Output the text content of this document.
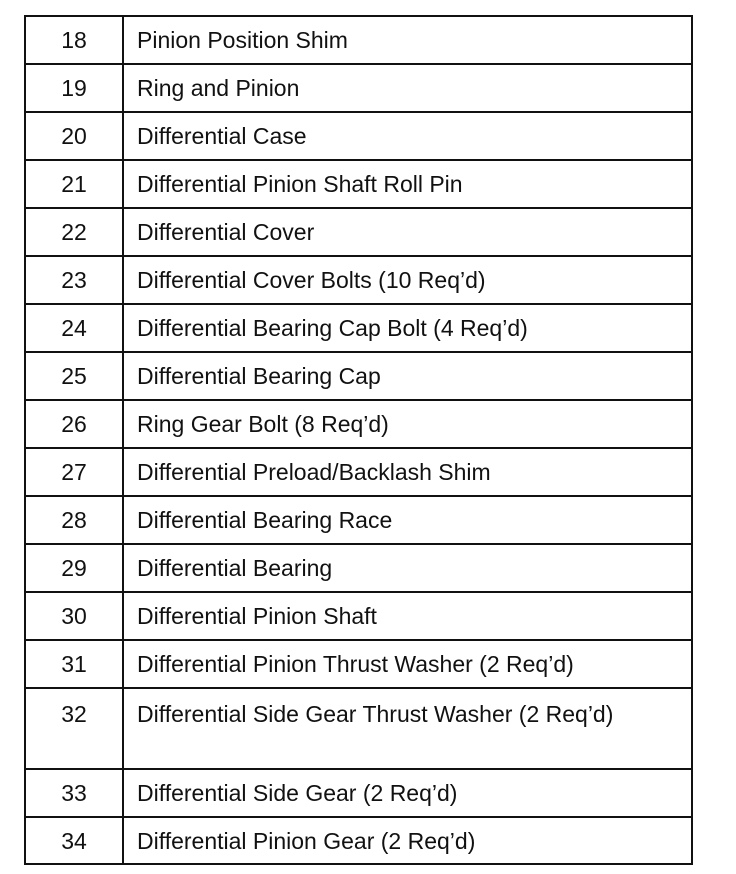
18	Pinion Position Shim
19	Ring and Pinion
20	Differential Case
21	Differential Pinion Shaft Roll Pin
22	Differential Cover
23	Differential Cover Bolts (10 Req’d)
24	Differential Bearing Cap Bolt (4 Req’d)
25	Differential Bearing Cap
26	Ring Gear Bolt (8 Req’d)
27	Differential Preload/Backlash Shim
28	Differential Bearing Race
29	Differential Bearing
30	Differential Pinion Shaft
31	Differential Pinion Thrust Washer (2 Req’d)
32	Differential Side Gear Thrust Washer (2 Req’d)
33	Differential Side Gear (2 Req’d)
34	Differential Pinion Gear (2 Req’d)
